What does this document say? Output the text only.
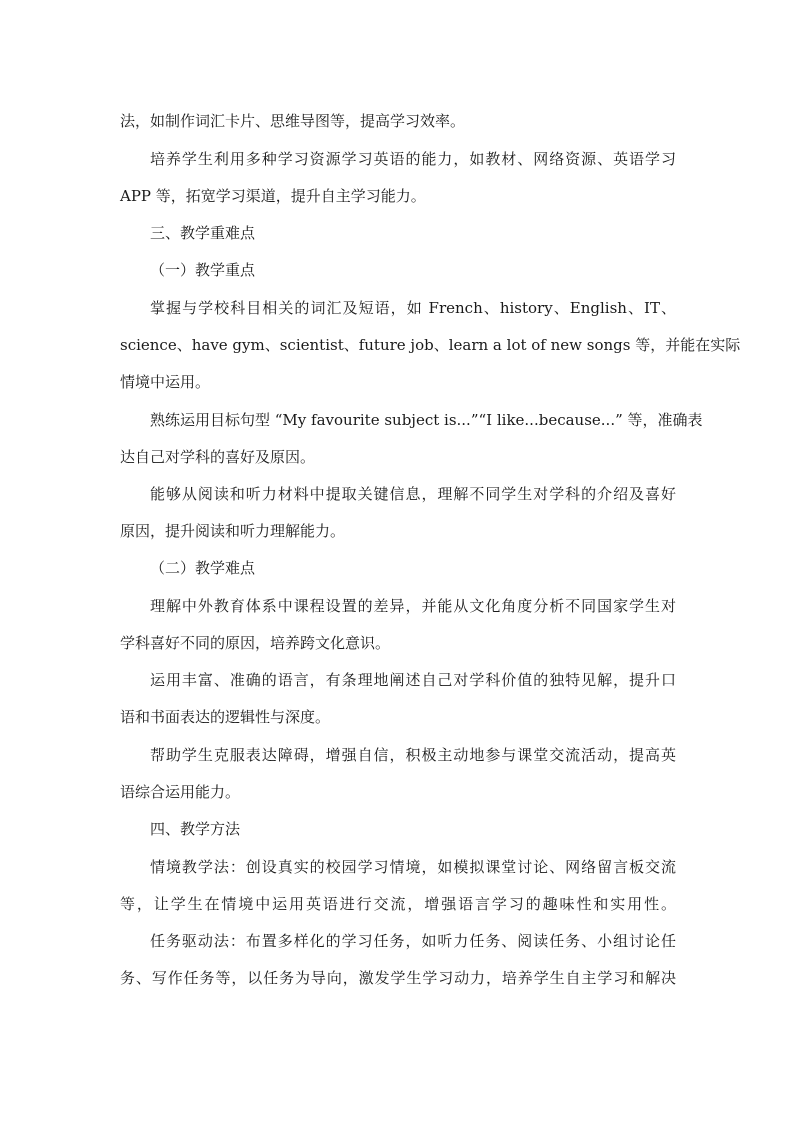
法，如制作词汇卡片、思维导图等，提高学习效率。
培养学生利用多种学习资源学习英语的能力，如教材、网络资源、英语学习
APP 等，拓宽学习渠道，提升自主学习能力。
三、教学重难点
（一）教学重点
掌握与学校科目相关的词汇及短语，如 French、history、English、IT、
science、have gym、scientist、future job、learn a lot of new songs 等，并能在实际
情境中运用。
熟练运用目标句型 “My favourite subject is...”“I like...because...” 等，准确表
达自己对学科的喜好及原因。
能够从阅读和听力材料中提取关键信息，理解不同学生对学科的介绍及喜好
原因，提升阅读和听力理解能力。
（二）教学难点
理解中外教育体系中课程设置的差异，并能从文化角度分析不同国家学生对
学科喜好不同的原因，培养跨文化意识。
运用丰富、准确的语言，有条理地阐述自己对学科价值的独特见解，提升口
语和书面表达的逻辑性与深度。
帮助学生克服表达障碍，增强自信，积极主动地参与课堂交流活动，提高英
语综合运用能力。
四、教学方法
情境教学法：创设真实的校园学习情境，如模拟课堂讨论、网络留言板交流
等，让学生在情境中运用英语进行交流，增强语言学习的趣味性和实用性。
任务驱动法：布置多样化的学习任务，如听力任务、阅读任务、小组讨论任
务、写作任务等，以任务为导向，激发学生学习动力，培养学生自主学习和解决
